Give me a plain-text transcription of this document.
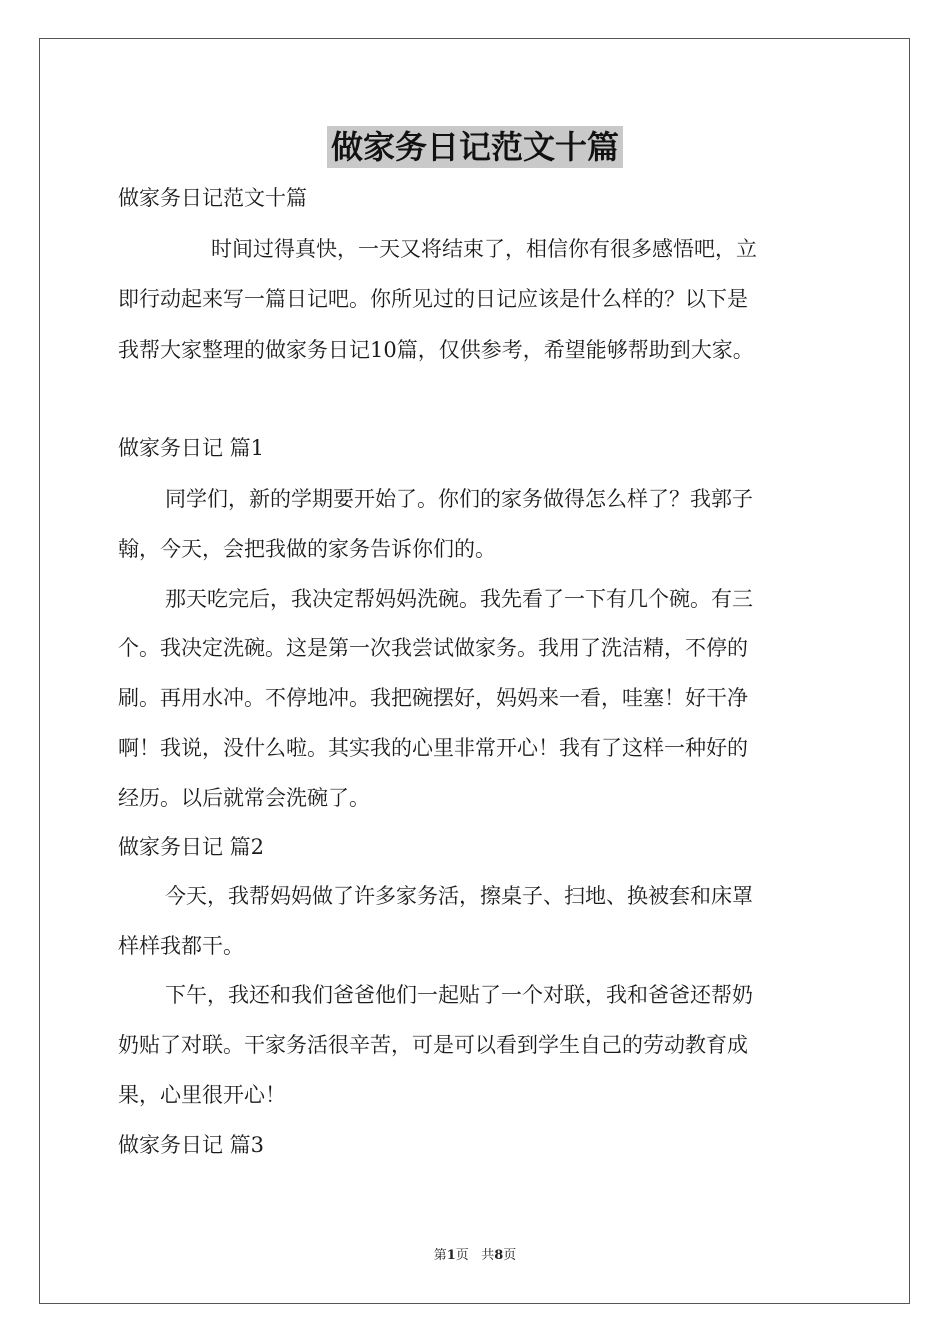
做家务日记范文十篇
做家务日记范文十篇
时间过得真快，一天又将结束了，相信你有很多感悟吧，立
即行动起来写一篇日记吧。你所见过的日记应该是什么样的？以下是
我帮大家整理的做家务日记10篇，仅供参考，希望能够帮助到大家。
做家务日记 篇1
同学们，新的学期要开始了。你们的家务做得怎么样了？我郭子
翰，今天，会把我做的家务告诉你们的。
那天吃完后，我决定帮妈妈洗碗。我先看了一下有几个碗。有三
个。我决定洗碗。这是第一次我尝试做家务。我用了洗洁精，不停的
刷。再用水冲。不停地冲。我把碗摆好，妈妈来一看，哇塞！好干净
啊！我说，没什么啦。其实我的心里非常开心！我有了这样一种好的
经历。以后就常会洗碗了。
做家务日记 篇2
今天，我帮妈妈做了许多家务活，擦桌子、扫地、换被套和床罩
样样我都干。
下午，我还和我们爸爸他们一起贴了一个对联，我和爸爸还帮奶
奶贴了对联。干家务活很辛苦，可是可以看到学生自己的劳动教育成
果，心里很开心！
做家务日记 篇3
第1页 共8页
